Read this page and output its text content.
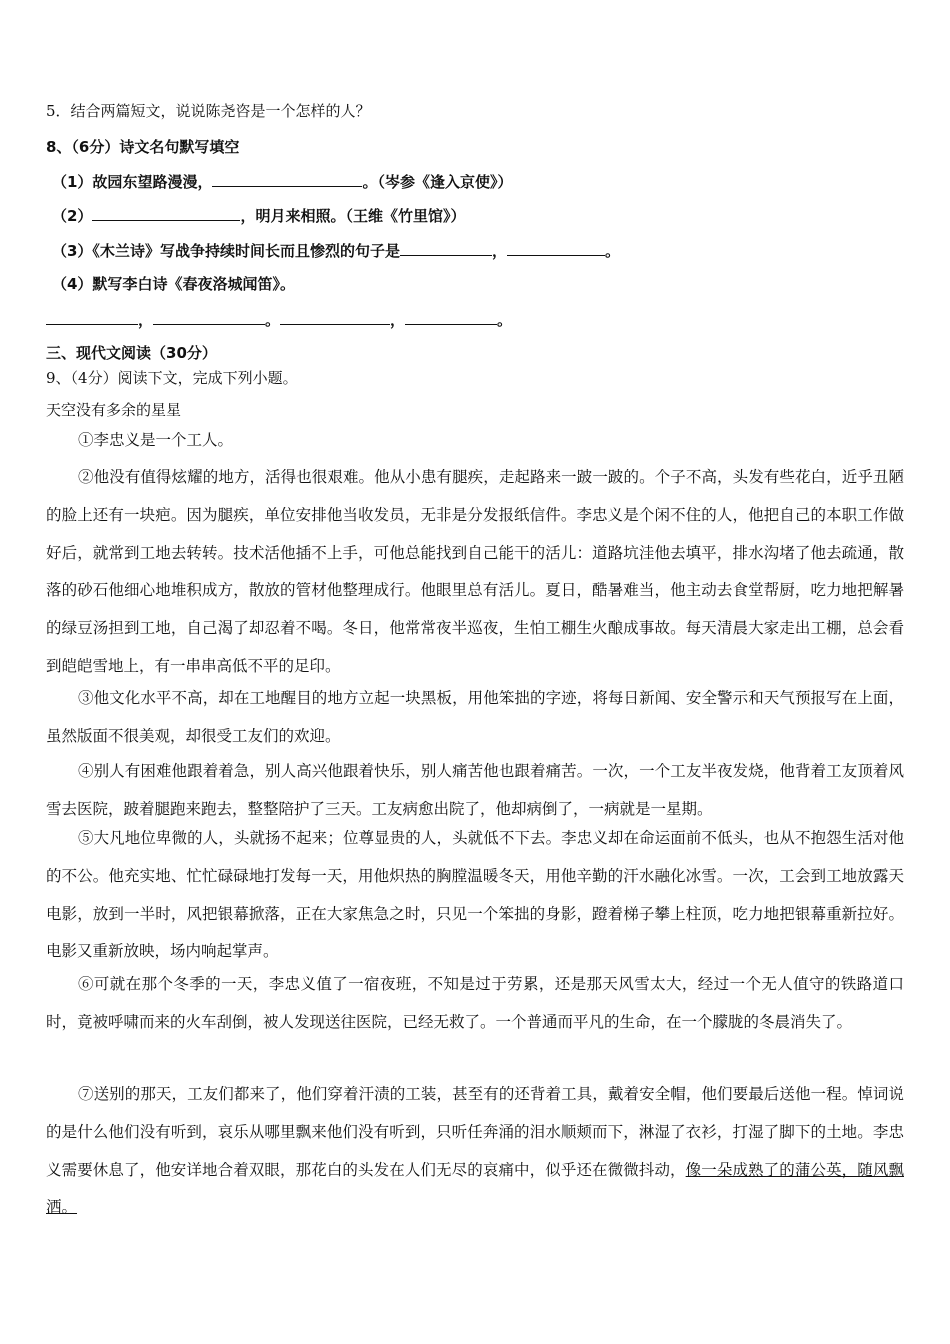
5．结合两篇短文，说说陈尧咨是一个怎样的人？
8、（6分）诗文名句默写填空
（1）故园东望路漫漫，	。（岑参《逢入京使》）
（2）	，明月来相照。（王维《竹里馆》）
（3）《木兰诗》写战争持续时间长而且惨烈的句子是	，	。
（4）默写李白诗《春夜洛城闻笛》。
，	。	，	。
三、现代文阅读（30分）
9、（4分）阅读下文，完成下列小题。
天空没有多余的星星

①李忠义是一个工人。

②他没有值得炫耀的地方，活得也很艰难。他从小患有腿疾，走起路来一跛一跛的。个子不高，头发有些花白，近乎丑陋的脸上还有一块疤。因为腿疾，单位安排他当收发员，无非是分发报纸信件。李忠义是个闲不住的人，他把自己的本职工作做好后，就常到工地去转转。技术活他插不上手，可他总能找到自己能干的活儿：道路坑洼他去填平，排水沟堵了他去疏通，散落的砂石他细心地堆积成方，散放的管材他整理成行。他眼里总有活儿。夏日，酷暑难当，他主动去食堂帮厨，吃力地把解暑的绿豆汤担到工地，自己渴了却忍着不喝。冬日，他常常夜半巡夜，生怕工棚生火酿成事故。每天清晨大家走出工棚，总会看到皑皑雪地上，有一串串高低不平的足印。

③他文化水平不高，却在工地醒目的地方立起一块黑板，用他笨拙的字迹，将每日新闻、安全警示和天气预报写在上面，虽然版面不很美观，却很受工友们的欢迎。

④别人有困难他跟着着急，别人高兴他跟着快乐，别人痛苦他也跟着痛苦。一次，一个工友半夜发烧，他背着工友顶着风雪去医院，跛着腿跑来跑去，整整陪护了三天。工友病愈出院了，他却病倒了，一病就是一星期。

⑤大凡地位卑微的人，头就扬不起来；位尊显贵的人，头就低不下去。李忠义却在命运面前不低头，也从不抱怨生活对他的不公。他充实地、忙忙碌碌地打发每一天，用他炽热的胸膛温暖冬天，用他辛勤的汗水融化冰雪。一次，工会到工地放露天电影，放到一半时，风把银幕掀落，正在大家焦急之时，只见一个笨拙的身影，蹬着梯子攀上柱顶，吃力地把银幕重新拉好。电影又重新放映，场内响起掌声。

⑥可就在那个冬季的一天，李忠义值了一宿夜班，不知是过于劳累，还是那天风雪太大，经过一个无人值守的铁路道口时，竟被呼啸而来的火车刮倒，被人发现送往医院，已经无救了。一个普通而平凡的生命，在一个朦胧的冬晨消失了。

⑦送别的那天，工友们都来了，他们穿着汗渍的工装，甚至有的还背着工具，戴着安全帽，他们要最后送他一程。悼词说的是什么他们没有听到，哀乐从哪里飘来他们没有听到，只听任奔涌的泪水顺颊而下，淋湿了衣衫，打湿了脚下的土地。李忠义需要休息了，他安详地合着双眼，那花白的头发在人们无尽的哀痛中，似乎还在微微抖动，像一朵成熟了的蒲公英，随风飘洒。
